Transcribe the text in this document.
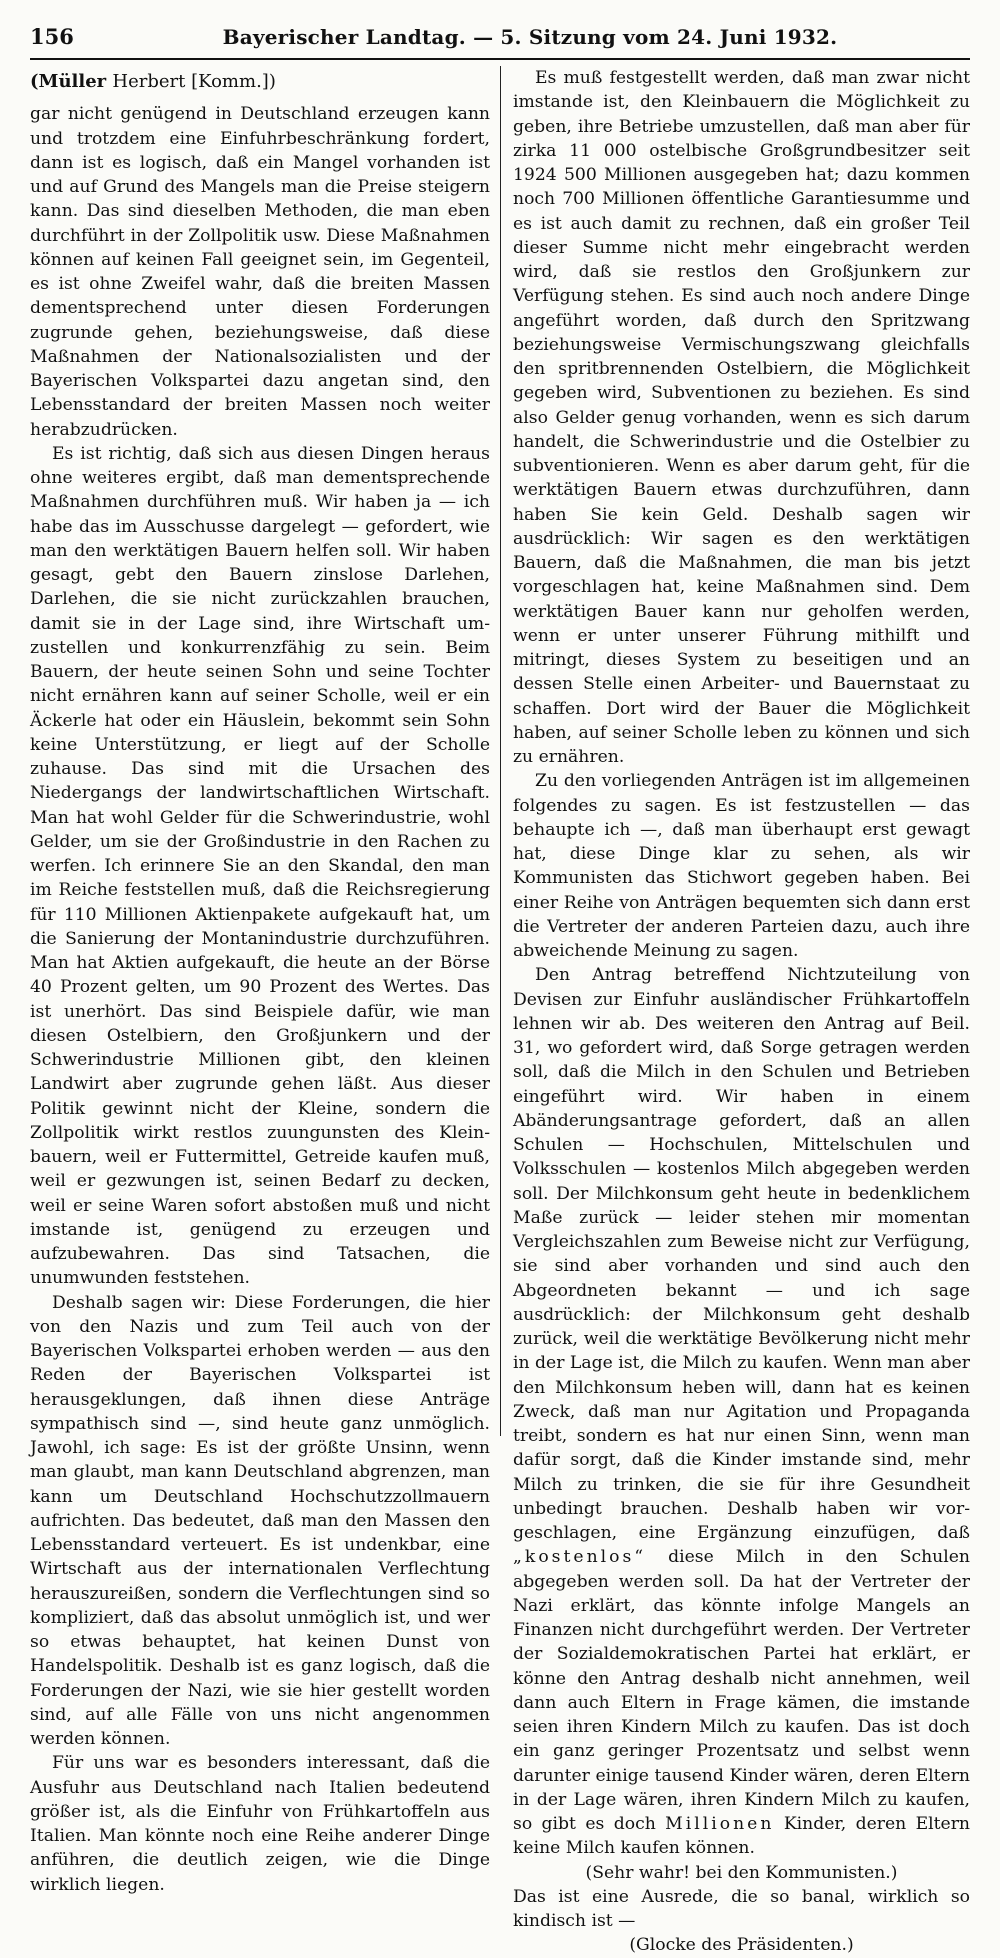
156	Bayerischer Landtag. — 5. Sitzung vom 24. Juni 1932.
(Müller Herbert [Komm.])

gar nicht genügend in Deutschland erzeugen kann und trotzdem eine Einfuhrbeschränkung fordert, dann ist es logisch, daß ein Mangel vorhanden ist und auf Grund des Mangels man die Preise steigern kann. Das sind dieselben Methoden, die man eben durchführt in der Zollpolitik usw. Diese Maßnahmen können auf keinen Fall geeignet sein, im Gegenteil, es ist ohne Zweifel wahr, daß die breiten Massen dementsprechend unter diesen Forderungen zugrunde gehen, beziehungsweise, daß diese Maßnahmen der Nationalsozialisten und der Bayerischen Volkspartei dazu angetan sind, den Lebensstandard der breiten Massen noch weiter herabzudrücken.

Es ist richtig, daß sich aus diesen Dingen heraus ohne weiteres ergibt, daß man dementsprechende Maßnahmen durchführen muß. Wir haben ja — ich habe das im Ausschusse dargelegt — gefordert, wie man den werktätigen Bauern helfen soll. Wir haben gesagt, gebt den Bauern zinslose Darlehen, Darlehen, die sie nicht zurückzahlen brauchen, damit sie in der Lage sind, ihre Wirtschaft umzustellen und konkurrenzfähig zu sein. Beim Bauern, der heute seinen Sohn und seine Tochter nicht ernähren kann auf seiner Scholle, weil er ein Äckerle hat oder ein Häuslein, bekommt sein Sohn keine Unterstützung, er liegt auf der Scholle zuhause. Das sind mit die Ursachen des Niedergangs der landwirtschaftlichen Wirtschaft. Man hat wohl Gelder für die Schwerindustrie, wohl Gelder, um sie der Großindustrie in den Rachen zu werfen. Ich erinnere Sie an den Skandal, den man im Reiche feststellen muß, daß die Reichsregierung für 110 Millionen Aktienpakete aufgekauft hat, um die Sanierung der Montanindustrie durchzuführen. Man hat Aktien aufgekauft, die heute an der Börse 40 Prozent gelten, um 90 Prozent des Wertes. Das ist unerhört. Das sind Beispiele dafür, wie man diesen Ostelbiern, den Großjunkern und der Schwerindustrie Millionen gibt, den kleinen Landwirt aber zugrunde gehen läßt. Aus dieser Politik gewinnt nicht der Kleine, sondern die Zollpolitik wirkt restlos zuungunsten des Kleinbauern, weil er Futtermittel, Getreide kaufen muß, weil er gezwungen ist, seinen Bedarf zu decken, weil er seine Waren sofort abstoßen muß und nicht imstande ist, genügend zu erzeugen und aufzubewahren. Das sind Tatsachen, die unumwunden feststehen.

Deshalb sagen wir: Diese Forderungen, die hier von den Nazis und zum Teil auch von der Bayerischen Volkspartei erhoben werden — aus den Reden der Bayerischen Volkspartei ist herausgeklungen, daß ihnen diese Anträge sympathisch sind —, sind heute ganz unmöglich. Jawohl, ich sage: Es ist der größte Unsinn, wenn man glaubt, man kann Deutschland abgrenzen, man kann um Deutschland Hochschutzzollmauern aufrichten. Das bedeutet, daß man den Massen den Lebensstandard verteuert. Es ist undenkbar, eine Wirtschaft aus der internationalen Verflechtung herauszureißen, sondern die Verflechtungen sind so kompliziert, daß das absolut unmöglich ist, und wer so etwas behauptet, hat keinen Dunst von Handelspolitik. Deshalb ist es ganz logisch, daß die Forderungen der Nazi, wie sie hier gestellt worden sind, auf alle Fälle von uns nicht angenommen werden können.

Für uns war es besonders interessant, daß die Ausfuhr aus Deutschland nach Italien bedeutend größer ist, als die Einfuhr von Frühkartoffeln aus Italien. Man könnte noch eine Reihe anderer Dinge anführen, die deutlich zeigen, wie die Dinge wirklich liegen.

Es muß festgestellt werden, daß man zwar nicht imstande ist, den Kleinbauern die Möglichkeit zu geben, ihre Betriebe umzustellen, daß man aber für zirka 11 000 ostelbische Großgrundbesitzer seit 1924 500 Millionen ausgegeben hat; dazu kommen noch 700 Millionen öffentliche Garantiesumme und es ist auch damit zu rechnen, daß ein großer Teil dieser Summe nicht mehr eingebracht werden wird, daß sie restlos den Großjunkern zur Verfügung stehen. Es sind auch noch andere Dinge angeführt worden, daß durch den Spritzwang beziehungsweise Vermischungszwang gleichfalls den spritbrennenden Ostelbiern, die Möglichkeit gegeben wird, Subventionen zu beziehen. Es sind also Gelder genug vorhanden, wenn es sich darum handelt, die Schwerindustrie und die Ostelbier zu subventionieren. Wenn es aber darum geht, für die werktätigen Bauern etwas durchzuführen, dann haben Sie kein Geld. Deshalb sagen wir ausdrücklich: Wir sagen es den werktätigen Bauern, daß die Maßnahmen, die man bis jetzt vorgeschlagen hat, keine Maßnahmen sind. Dem werktätigen Bauer kann nur geholfen werden, wenn er unter unserer Führung mithilft und mitringt, dieses System zu beseitigen und an dessen Stelle einen Arbeiter- und Bauernstaat zu schaffen. Dort wird der Bauer die Möglichkeit haben, auf seiner Scholle leben zu können und sich zu ernähren.

Zu den vorliegenden Anträgen ist im allgemeinen folgendes zu sagen. Es ist festzustellen — das behaupte ich —, daß man überhaupt erst gewagt hat, diese Dinge klar zu sehen, als wir Kommunisten das Stichwort gegeben haben. Bei einer Reihe von Anträgen bequemten sich dann erst die Vertreter der anderen Parteien dazu, auch ihre abweichende Meinung zu sagen.

Den Antrag betreffend Nichtzuteilung von Devisen zur Einfuhr ausländischer Frühkartoffeln lehnen wir ab. Des weiteren den Antrag auf Beil. 31, wo gefordert wird, daß Sorge getragen werden soll, daß die Milch in den Schulen und Betrieben eingeführt wird. Wir haben in einem Abänderungsantrage gefordert, daß an allen Schulen — Hochschulen, Mittelschulen und Volksschulen — kostenlos Milch abgegeben werden soll. Der Milchkonsum geht heute in bedenklichem Maße zurück — leider stehen mir momentan Vergleichszahlen zum Beweise nicht zur Verfügung, sie sind aber vorhanden und sind auch den Abgeordneten bekannt — und ich sage ausdrücklich: der Milchkonsum geht deshalb zurück, weil die werktätige Bevölkerung nicht mehr in der Lage ist, die Milch zu kaufen. Wenn man aber den Milchkonsum heben will, dann hat es keinen Zweck, daß man nur Agitation und Propaganda treibt, sondern es hat nur einen Sinn, wenn man dafür sorgt, daß die Kinder imstande sind, mehr Milch zu trinken, die sie für ihre Gesundheit unbedingt brauchen. Deshalb haben wir vorgeschlagen, eine Ergänzung einzufügen, daß „kostenlos“ diese Milch in den Schulen abgegeben werden soll. Da hat der Vertreter der Nazi erklärt, das könnte infolge Mangels an Finanzen nicht durchgeführt werden. Der Vertreter der Sozialdemokratischen Partei hat erklärt, er könne den Antrag deshalb nicht annehmen, weil dann auch Eltern in Frage kämen, die imstande seien ihren Kindern Milch zu kaufen. Das ist doch ein ganz geringer Prozentsatz und selbst wenn darunter einige tausend Kinder wären, deren Eltern in der Lage wären, ihren Kindern Milch zu kaufen, so gibt es doch Millionen Kinder, deren Eltern keine Milch kaufen können.

(Sehr wahr! bei den Kommunisten.)

Das ist eine Ausrede, die so banal, wirklich so kindisch ist —

(Glocke des Präsidenten.)
